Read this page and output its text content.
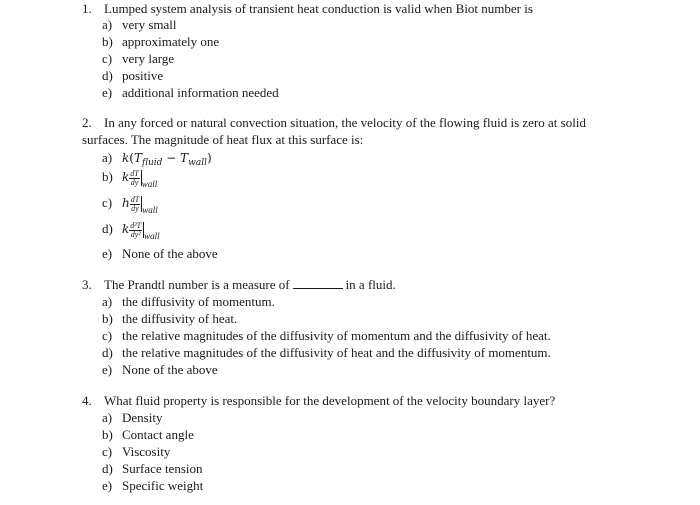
1. Lumped system analysis of transient heat conduction is valid when Biot number is
a) very small
b) approximately one
c) very large
d) positive
e) additional information needed
2. In any forced or natural convection situation, the velocity of the flowing fluid is zero at solid
surfaces. The magnitude of heat flux at this surface is:
a) $k(T_{fluid} - T_{wall})$
b) k $\frac{dT}{dy} _{wall}$
c) h $\frac{dT}{dy} _{wall}$
d) k $\frac{\text{d²T}}{\text{dy²}} _{wall}$
e) None of the above
3. The Prandtl number is a measure of	in a fluid.
a) the diffusivity of momentum.
b) the diffusivity of heat.
c) the relative magnitudes of the diffusivity of momentum and the diffusivity of heat.
d) the relative magnitudes of the diffusivity of heat and the diffusivity of momentum.
e) None of the above
4. What fluid property is responsible for the development of the velocity boundary layer?
a) Density
b) Contact angle
c) Viscosity
d) Surface tension
e) Specific weight
